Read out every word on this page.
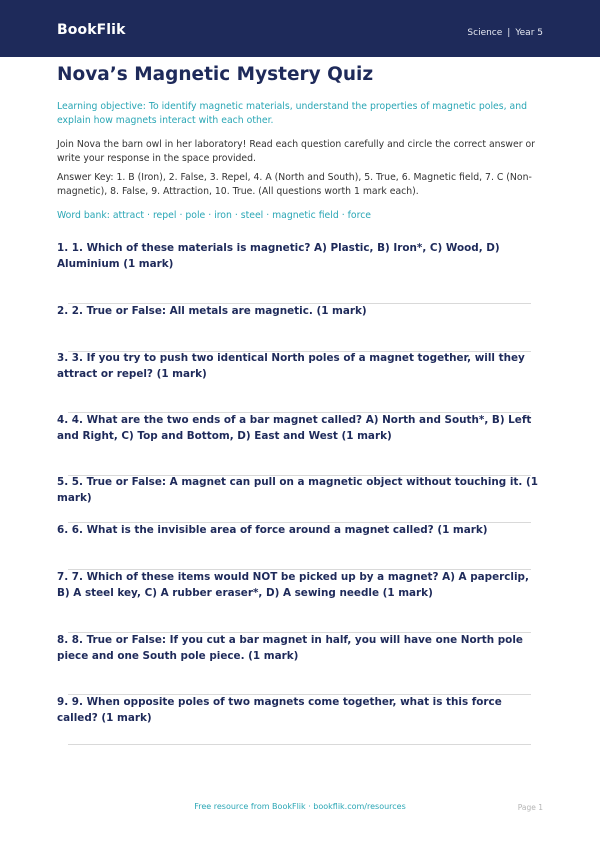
BookFlik	Science | Year 5
Nova’s Magnetic Mystery Quiz
Learning objective: To identify magnetic materials, understand the properties of magnetic poles, and explain how magnets interact with each other.
Join Nova the barn owl in her laboratory! Read each question carefully and circle the correct answer or write your response in the space provided.
Answer Key: 1. B (Iron), 2. False, 3. Repel, 4. A (North and South), 5. True, 6. Magnetic field, 7. C (Non-magnetic), 8. False, 9. Attraction, 10. True. (All questions worth 1 mark each).
Word bank: attract · repel · pole · iron · steel · magnetic field · force
1. 1. Which of these materials is magnetic? A) Plastic, B) Iron*, C) Wood, D) Aluminium (1 mark)
2. 2. True or False: All metals are magnetic. (1 mark)
3. 3. If you try to push two identical North poles of a magnet together, will they attract or repel? (1 mark)
4. 4. What are the two ends of a bar magnet called? A) North and South*, B) Left and Right, C) Top and Bottom, D) East and West (1 mark)
5. 5. True or False: A magnet can pull on a magnetic object without touching it. (1 mark)
6. 6. What is the invisible area of force around a magnet called? (1 mark)
7. 7. Which of these items would NOT be picked up by a magnet? A) A paperclip, B) A steel key, C) A rubber eraser*, D) A sewing needle (1 mark)
8. 8. True or False: If you cut a bar magnet in half, you will have one North pole piece and one South pole piece. (1 mark)
9. 9. When opposite poles of two magnets come together, what is this force called? (1 mark)
Free resource from BookFlik · bookflik.com/resources	Page 1
